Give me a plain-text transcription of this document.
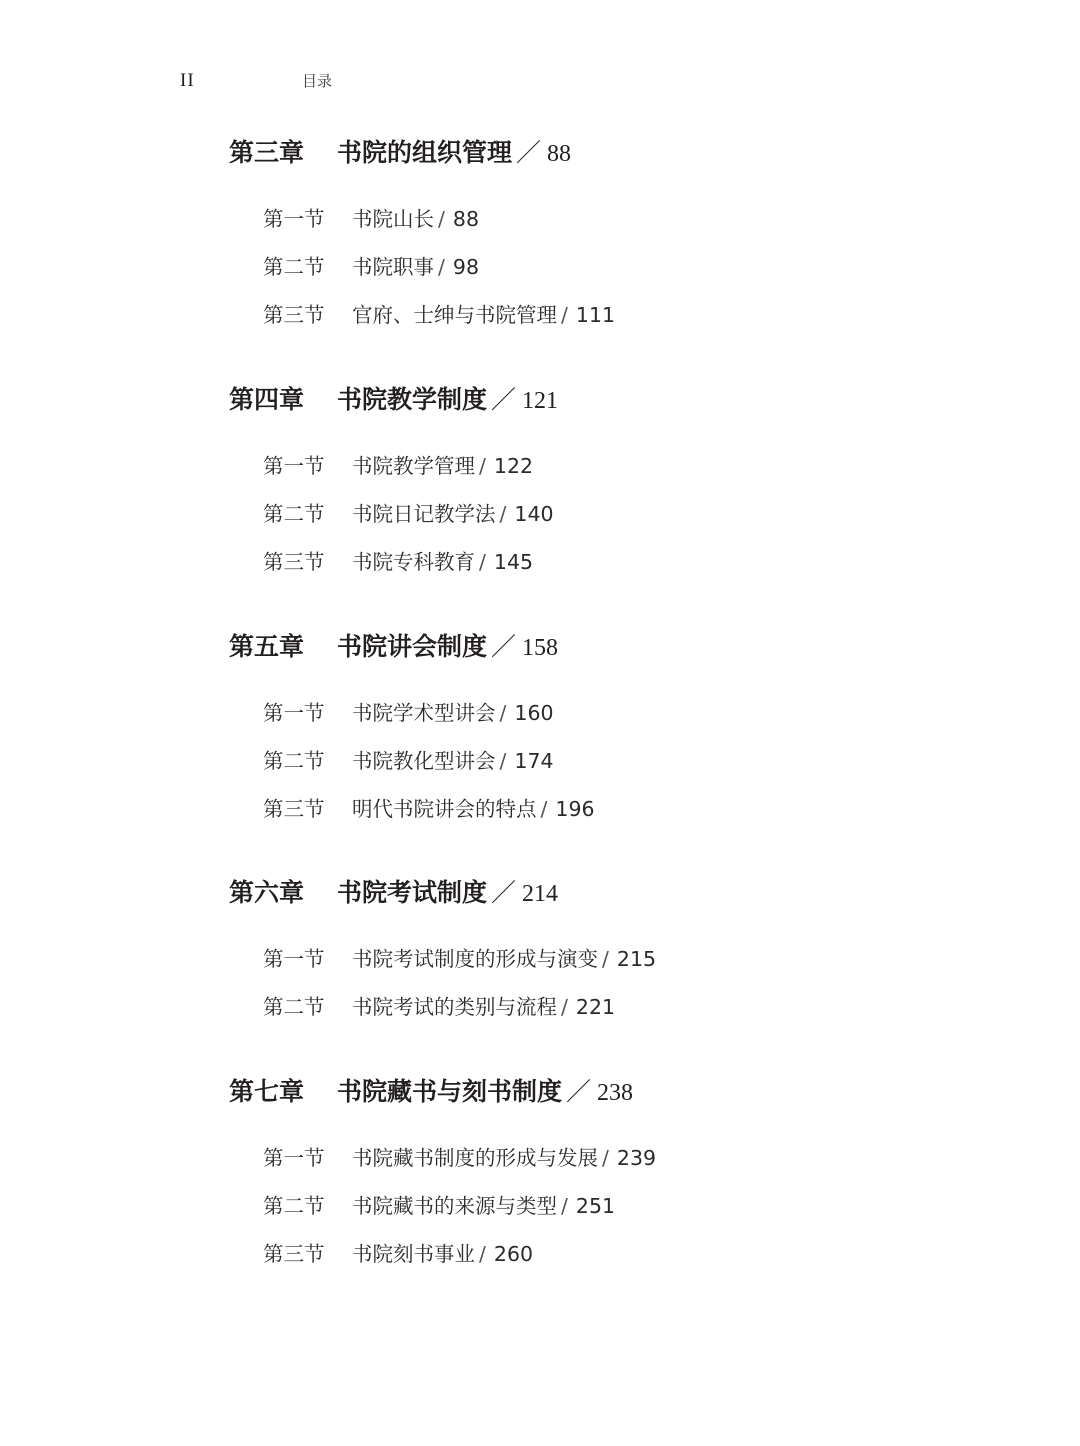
II	目录
第三章 书院的组织管理 ／ 88
第一节 书院山长 / 88
第二节 书院职事 / 98
第三节 官府、士绅与书院管理 / 111
第四章 书院教学制度 ／ 121
第一节 书院教学管理 / 122
第二节 书院日记教学法 / 140
第三节 书院专科教育 / 145
第五章 书院讲会制度 ／ 158
第一节 书院学术型讲会 / 160
第二节 书院教化型讲会 / 174
第三节 明代书院讲会的特点 / 196
第六章 书院考试制度 ／ 214
第一节 书院考试制度的形成与演变 / 215
第二节 书院考试的类别与流程 / 221
第七章 书院藏书与刻书制度 ／ 238
第一节 书院藏书制度的形成与发展 / 239
第二节 书院藏书的来源与类型 / 251
第三节 书院刻书事业 / 260
